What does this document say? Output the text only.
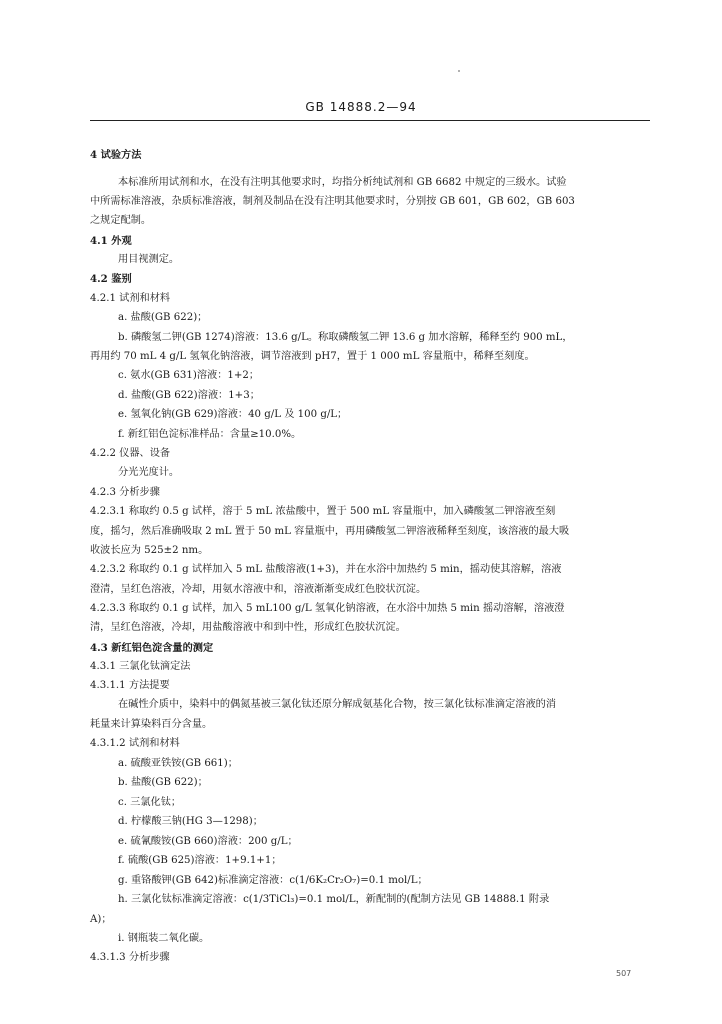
GB 14888.2—94
4 试验方法
本标准所用试剂和水，在没有注明其他要求时，均指分析纯试剂和 GB 6682 中规定的三级水。试验
中所需标准溶液，杂质标准溶液，制剂及制品在没有注明其他要求时，分别按 GB 601，GB 602，GB 603
之规定配制。
4.1 外观
用目视测定。
4.2 鉴别
4.2.1 试剂和材料
a. 盐酸(GB 622)；
b. 磷酸氢二钾(GB 1274)溶液：13.6 g/L。称取磷酸氢二钾 13.6 g 加水溶解，稀释至约 900 mL，
再用约 70 mL 4 g/L 氢氧化钠溶液，调节溶液到 pH7，置于 1 000 mL 容量瓶中，稀释至刻度。
c. 氨水(GB 631)溶液：1+2；
d. 盐酸(GB 622)溶液：1+3；
e. 氢氧化钠(GB 629)溶液：40 g/L 及 100 g/L；
f. 新红铝色淀标准样品：含量≥10.0%。
4.2.2 仪器、设备
分光光度计。
4.2.3 分析步骤
4.2.3.1 称取约 0.5 g 试样，溶于 5 mL 浓盐酸中，置于 500 mL 容量瓶中，加入磷酸氢二钾溶液至刻
度，摇匀，然后准确吸取 2 mL 置于 50 mL 容量瓶中，再用磷酸氢二钾溶液稀释至刻度，该溶液的最大吸
收波长应为 525±2 nm。
4.2.3.2 称取约 0.1 g 试样加入 5 mL 盐酸溶液(1+3)，并在水浴中加热约 5 min，摇动使其溶解，溶液
澄清，呈红色溶液，冷却，用氨水溶液中和，溶液渐渐变成红色胶状沉淀。
4.2.3.3 称取约 0.1 g 试样，加入 5 mL100 g/L 氢氧化钠溶液，在水浴中加热 5 min 摇动溶解，溶液澄
清，呈红色溶液，冷却，用盐酸溶液中和到中性，形成红色胶状沉淀。
4.3 新红铝色淀含量的测定
4.3.1 三氯化钛滴定法
4.3.1.1 方法提要
在碱性介质中，染料中的偶氮基被三氯化钛还原分解成氨基化合物，按三氯化钛标准滴定溶液的消
耗量来计算染料百分含量。
4.3.1.2 试剂和材料
a. 硫酸亚铁铵(GB 661)；
b. 盐酸(GB 622)；
c. 三氯化钛；
d. 柠檬酸三钠(HG 3—1298)；
e. 硫氰酸铵(GB 660)溶液：200 g/L；
f. 硫酸(GB 625)溶液：1+9.1+1；
g. 重铬酸钾(GB 642)标准滴定溶液：c(1/6K₂Cr₂O₇)=0.1 mol/L；
h. 三氯化钛标准滴定溶液：c(1/3TiCl₃)=0.1 mol/L，新配制的(配制方法见 GB 14888.1 附录
A)；
i. 钢瓶装二氧化碳。
4.3.1.3 分析步骤
507
